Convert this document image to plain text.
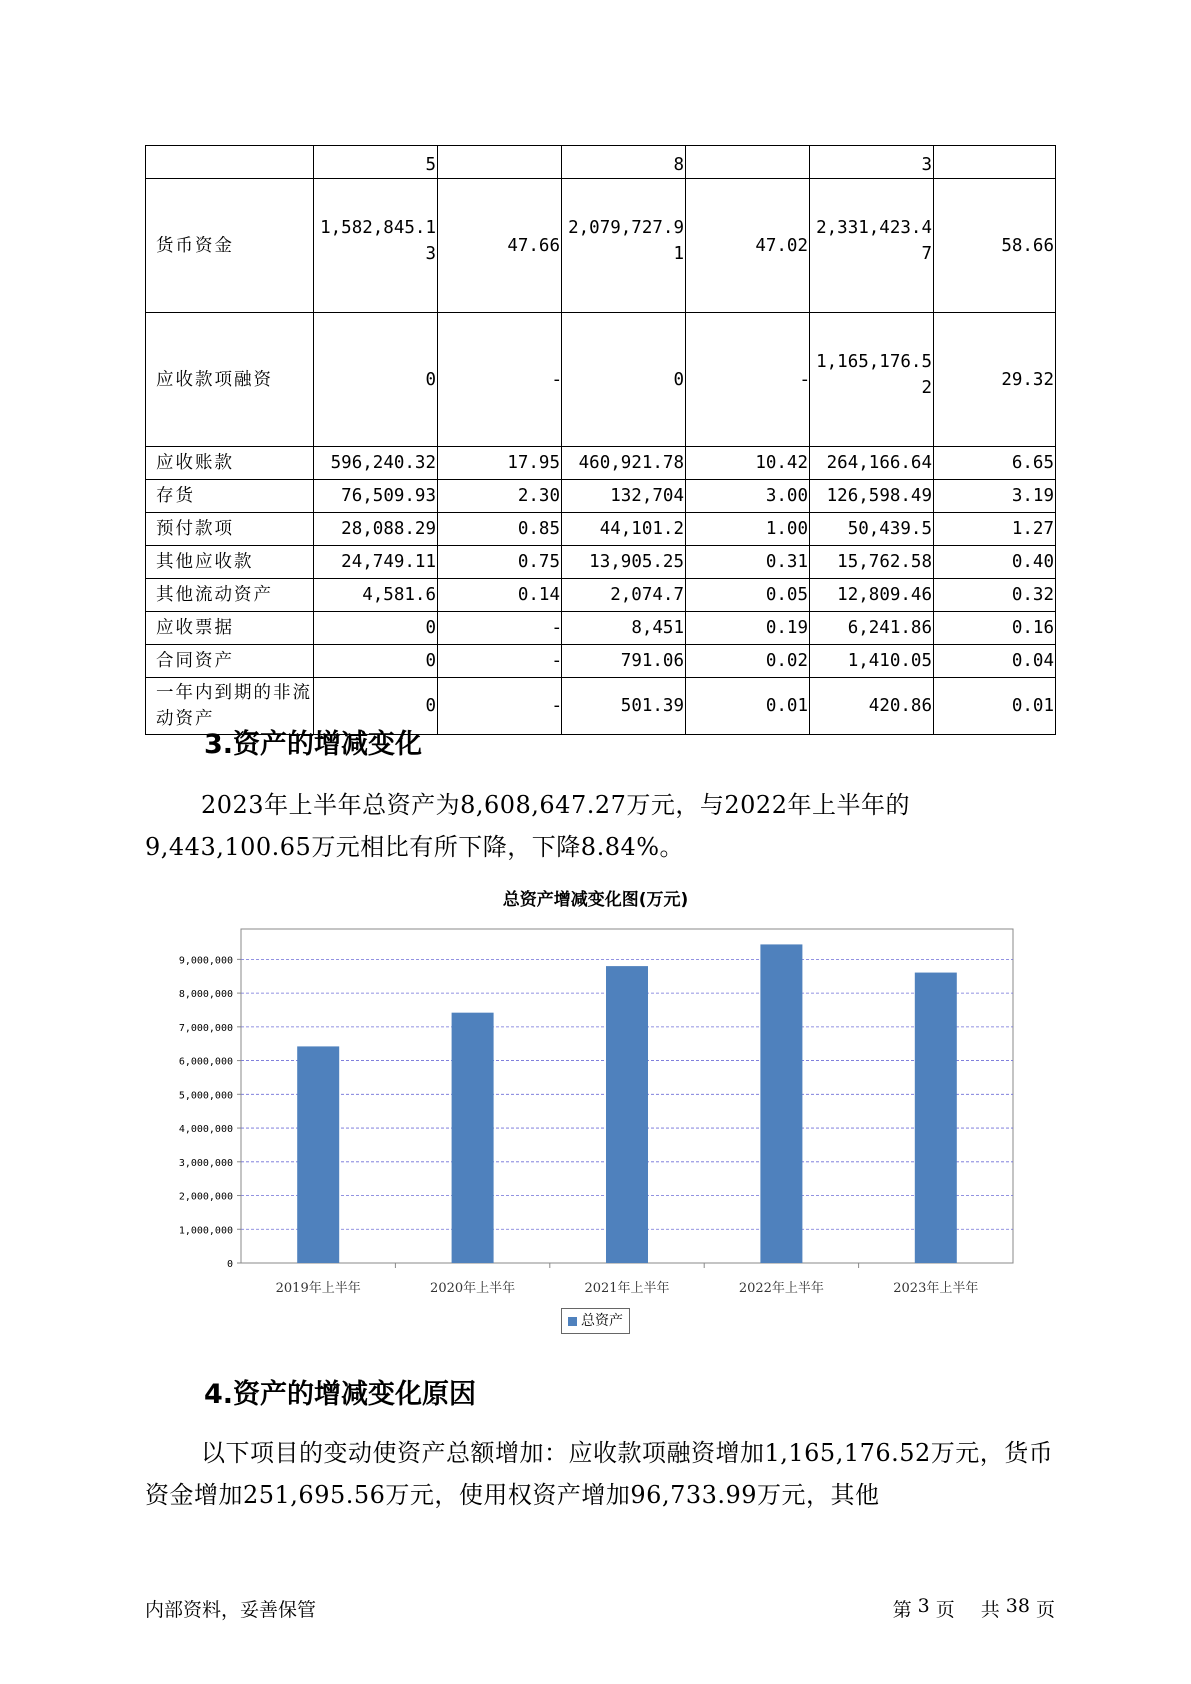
	5		8		3	
货币资金	1,582,845.13	47.66	2,079,727.91	47.02	2,331,423.47	58.66
应收款项融资	0	-	0	-	1,165,176.52	29.32
应收账款	596,240.32	17.95	460,921.78	10.42	264,166.64	6.65
存货	76,509.93	2.30	132,704	3.00	126,598.49	3.19
预付款项	28,088.29	0.85	44,101.2	1.00	50,439.5	1.27
其他应收款	24,749.11	0.75	13,905.25	0.31	15,762.58	0.40
其他流动资产	4,581.6	0.14	2,074.7	0.05	12,809.46	0.32
应收票据	0	-	8,451	0.19	6,241.86	0.16
合同资产	0	-	791.06	0.02	1,410.05	0.04
一年内到期的非流动资产	0	-	501.39	0.01	420.86	0.01
3.资产的增减变化

2023年上半年总资产为8,608,647.27万元，与2022年上半年的9,443,100.65万元相比有所下降，下降8.84%。

总资产增减变化图(万元)

0
1,000,000
2,000,000
3,000,000
4,000,000
5,000,000
6,000,000
7,000,000
8,000,000
9,000,000
2019年上半年	2020年上半年	2021年上半年	2022年上半年	2023年上半年
总资产
4.资产的增减变化原因

以下项目的变动使资产总额增加：应收款项融资增加1,165,176.52万元，货币资金增加251,695.56万元，使用权资产增加96,733.99万元，其他

内部资料，妥善保管	第 3 页 共 38 页
